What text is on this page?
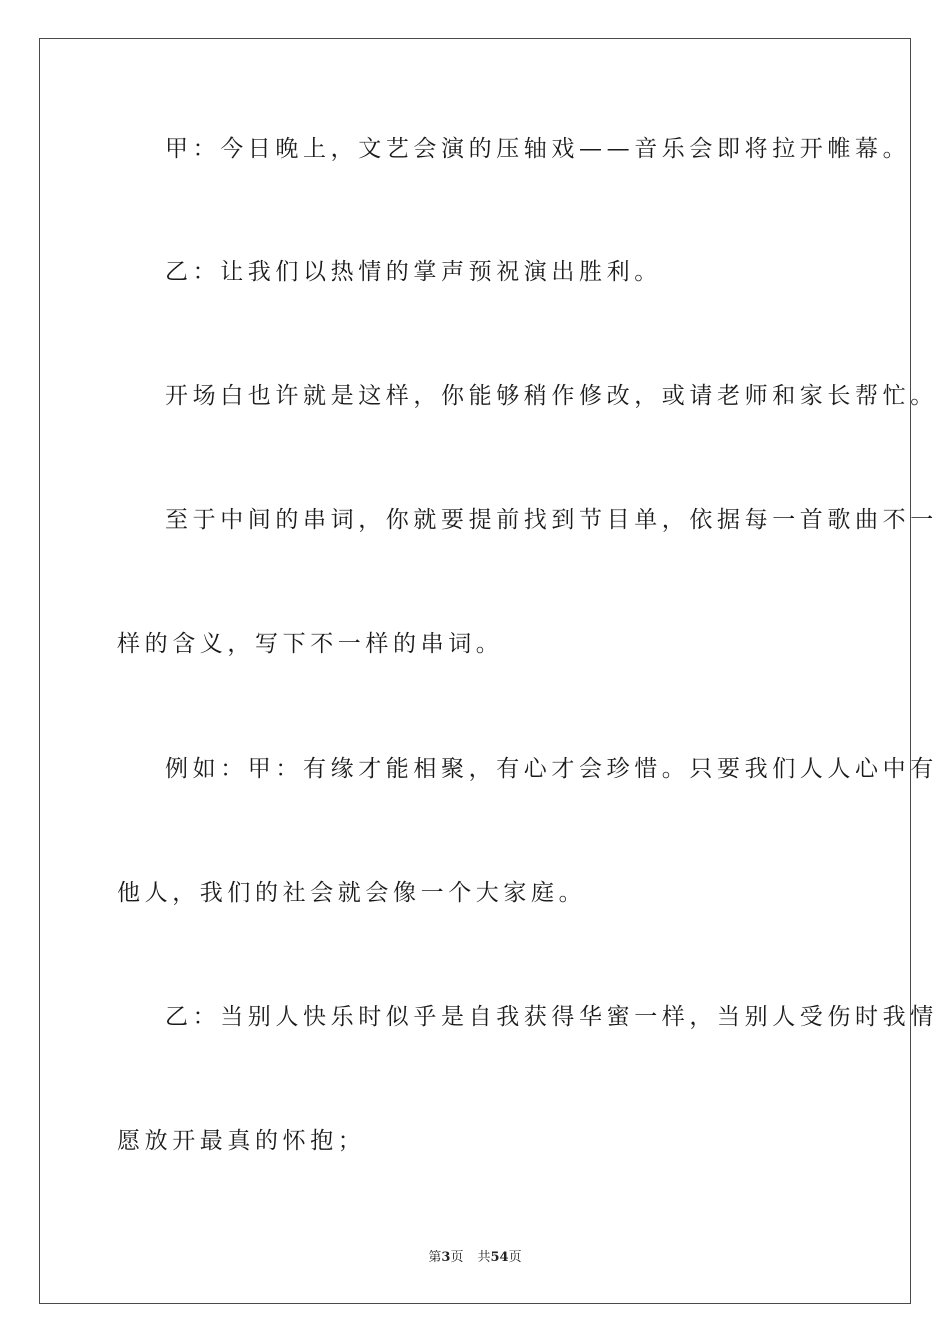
甲：今日晚上，文艺会演的压轴戏——音乐会即将拉开帷幕。
乙：让我们以热情的掌声预祝演出胜利。
开场白也许就是这样，你能够稍作修改，或请老师和家长帮忙。
至于中间的串词，你就要提前找到节目单，依据每一首歌曲不一
样的含义，写下不一样的串词。
例如：甲：有缘才能相聚，有心才会珍惜。只要我们人人心中有
他人，我们的社会就会像一个大家庭。
乙：当别人快乐时似乎是自我获得华蜜一样，当别人受伤时我情
愿放开最真的怀抱；
第3页 共54页
